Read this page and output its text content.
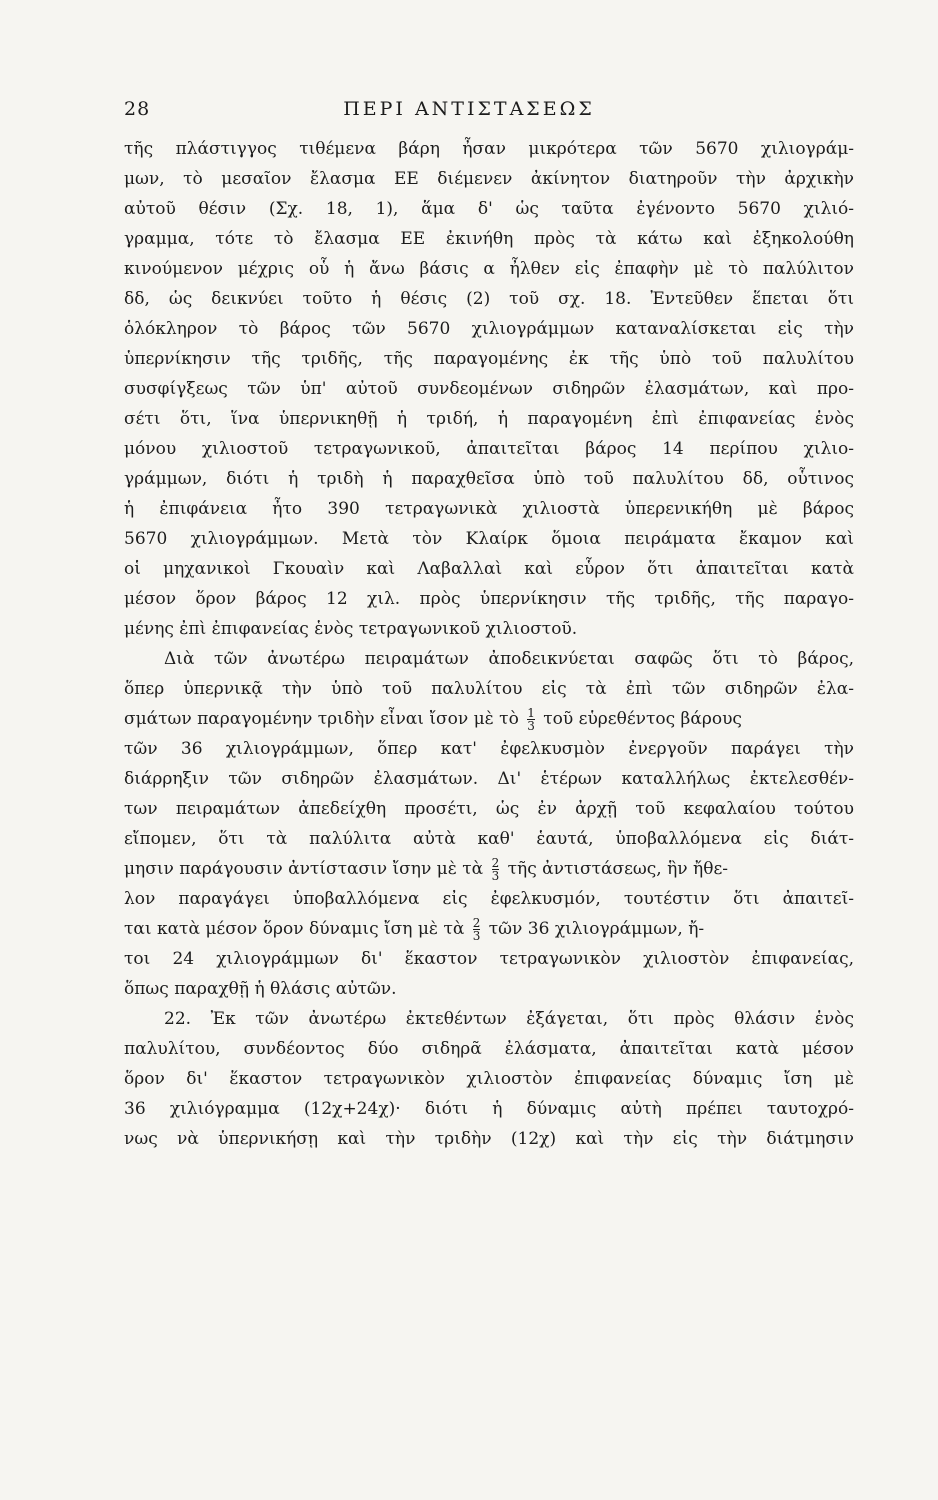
28	ΠΕΡΙ ΑΝΤΙΣΤΑΣΕΩΣ
τῆς πλάστιγγος τιθέμενα βάρη ἦσαν μικρότερα τῶν 5670 χιλιογράμ-
μων, τὸ μεσαῖον ἔλασμα ΕΕ διέμενεν ἀκίνητον διατηροῦν τὴν ἀρχικὴν
αὐτοῦ θέσιν (Σχ. 18, 1), ἅμα δ' ὡς ταῦτα ἐγένοντο 5670 χιλιό-
γραμμα, τότε τὸ ἔλασμα ΕΕ ἐκινήθη πρὸς τὰ κάτω καὶ ἐξηκολούθη
κινούμενον μέχρις οὗ ἡ ἄνω βάσις α ἦλθεν εἰς ἐπαφὴν μὲ τὸ παλύλιτον
δδ, ὡς δεικνύει τοῦτο ἡ θέσις (2) τοῦ σχ. 18. Ἐντεῦθεν ἕπεται ὅτι
ὁλόκληρον τὸ βάρος τῶν 5670 χιλιογράμμων καταναλίσκεται εἰς τὴν
ὑπερνίκησιν τῆς τριδῆς, τῆς παραγομένης ἐκ τῆς ὑπὸ τοῦ παλυλίτου
συσφίγξεως τῶν ὑπ' αὐτοῦ συνδεομένων σιδηρῶν ἐλασμάτων, καὶ προ-
σέτι ὅτι, ἵνα ὑπερνικηθῇ ἡ τριδή, ἡ παραγομένη ἐπὶ ἐπιφανείας ἑνὸς
μόνου χιλιοστοῦ τετραγωνικοῦ, ἀπαιτεῖται βάρος 14 περίπου χιλιο-
γράμμων, διότι ἡ τριδὴ ἡ παραχθεῖσα ὑπὸ τοῦ παλυλίτου δδ, οὗτινος
ἡ ἐπιφάνεια ἦτο 390 τετραγωνικὰ χιλιοστὰ ὑπερενικήθη μὲ βάρος
5670 χιλιογράμμων. Μετὰ τὸν Κλαίρκ ὅμοια πειράματα ἔκαμον καὶ
οἱ μηχανικοὶ Γκουαὶν καὶ Λαβαλλαὶ καὶ εὗρον ὅτι ἀπαιτεῖται κατὰ
μέσον ὅρον βάρος 12 χιλ. πρὸς ὑπερνίκησιν τῆς τριδῆς, τῆς παραγο-
μένης ἐπὶ ἐπιφανείας ἑνὸς τετραγωνικοῦ χιλιοστοῦ.
Διὰ τῶν ἀνωτέρω πειραμάτων ἀποδεικνύεται σαφῶς ὅτι τὸ βάρος,
ὅπερ ὑπερνικᾷ τὴν ὑπὸ τοῦ παλυλίτου εἰς τὰ ἐπὶ τῶν σιδηρῶν ἐλα-
σμάτων παραγομένην τριδὴν εἶναι ἴσον μὲ τὸ $\frac{1}{3}$ τοῦ εὑρεθέντος βάρους
τῶν 36 χιλιογράμμων, ὅπερ κατ' ἐφελκυσμὸν ἐνεργοῦν παράγει τὴν
διάρρηξιν τῶν σιδηρῶν ἐλασμάτων. Δι' ἑτέρων καταλλήλως ἐκτελεσθέν-
των πειραμάτων ἀπεδείχθη προσέτι, ὡς ἐν ἀρχῇ τοῦ κεφαλαίου τούτου
εἴπομεν, ὅτι τὰ παλύλιτα αὐτὰ καθ' ἑαυτά, ὑποβαλλόμενα εἰς διάτ-
μησιν παράγουσιν ἀντίστασιν ἴσην μὲ τὰ $\frac{2}{3}$ τῆς ἀντιστάσεως, ἣν ἤθε-
λον παραγάγει ὑποβαλλόμενα εἰς ἐφελκυσμόν, τουτέστιν ὅτι ἀπαιτεῖ-
ται κατὰ μέσον ὅρον δύναμις ἴση μὲ τὰ $\frac{2}{3}$ τῶν 36 χιλιογράμμων, ἤ-
τοι 24 χιλιογράμμων δι' ἕκαστον τετραγωνικὸν χιλιοστὸν ἐπιφανείας,
ὅπως παραχθῇ ἡ θλάσις αὐτῶν.
22. Ἐκ τῶν ἀνωτέρω ἐκτεθέντων ἐξάγεται, ὅτι πρὸς θλάσιν ἑνὸς
παλυλίτου, συνδέοντος δύο σιδηρᾶ ἐλάσματα, ἀπαιτεῖται κατὰ μέσον
ὅρον δι' ἕκαστον τετραγωνικὸν χιλιοστὸν ἐπιφανείας δύναμις ἴση μὲ
36 χιλιόγραμμα (12χ+24χ)· διότι ἡ δύναμις αὐτὴ πρέπει ταυτοχρό-
νως νὰ ὑπερνικήσῃ καὶ τὴν τριδὴν (12χ) καὶ τὴν εἰς τὴν διάτμησιν
